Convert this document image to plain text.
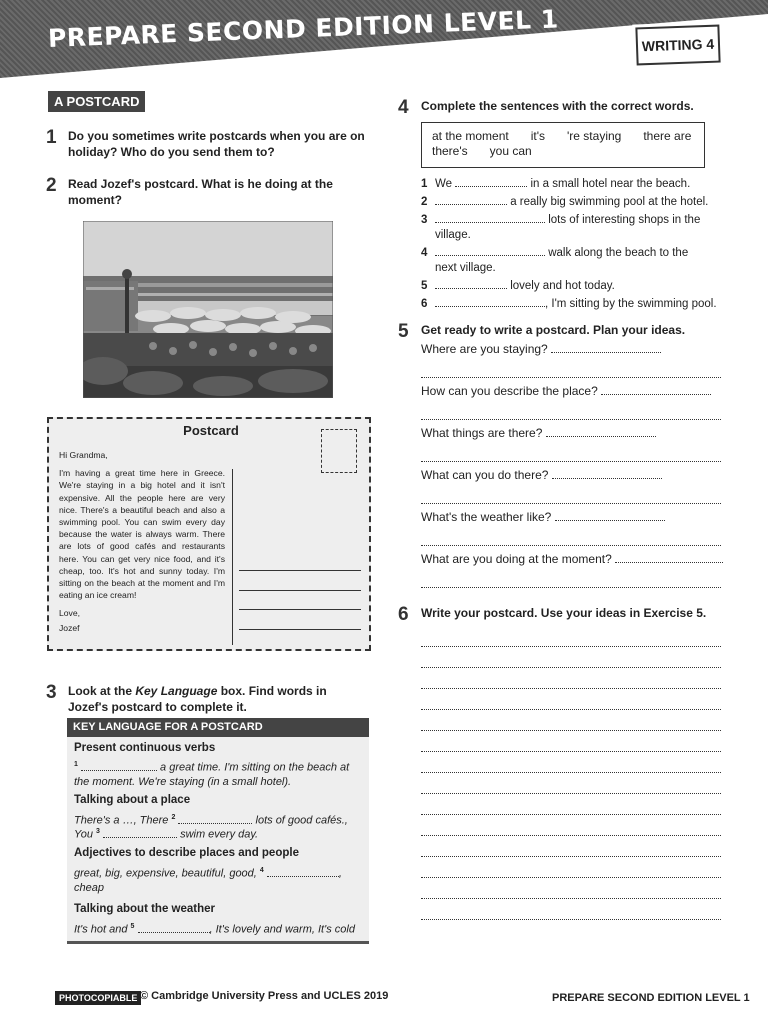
PREPARE SECOND EDITION LEVEL 1	WRITING 4
A POSTCARD
1 Do you sometimes write postcards when you are on holiday? Who do you send them to?
2 Read Jozef's postcard. What is he doing at the moment?
Postcard

Hi Grandma,

I'm having a great time here in Greece. We're staying in a big hotel and it isn't expensive. All the people here are very nice. There's a beautiful beach and also a swimming pool. You can swim every day because the water is always warm. There are lots of good cafés and restaurants here. You can get very nice food, and it's cheap, too. It's hot and sunny today. I'm sitting on the beach at the moment and I'm eating an ice cream!

Love,

Jozef

3 Look at the Key Language box. Find words in Jozef's postcard to complete it.
KEY LANGUAGE FOR A POSTCARD
Present continuous verbs
$^1$	a great time. I'm sitting on the beach at the moment. We're staying (in a small hotel).
Talking about a place
There's a …, There $^2$	lots of good cafés.,
You $^3$	swim every day.
Adjectives to describe places and people
great, big, expensive, beautiful, good, $^4$	, cheap
Talking about the weather
It's hot and $^5$	, It's lovely and warm, It's cold
4 Complete the sentences with the correct words.
at the moment it's 're staying there are
there's you can
1 We	in a small hotel near the beach.
2	a really big swimming pool at the hotel.
3	lots of interesting shops in the
village.
4	walk along the beach to the
next village.
5	lovely and hot today.
6	, I'm sitting by the swimming pool.
5 Get ready to write a postcard. Plan your ideas.
Where are you staying?
How can you describe the place?
What things are there?
What can you do there?
What's the weather like?
What are you doing at the moment?
6 Write your postcard. Use your ideas in Exercise 5.
PHOTOCOPIABLE © Cambridge University Press and UCLES 2019	PREPARE SECOND EDITION LEVEL 1
